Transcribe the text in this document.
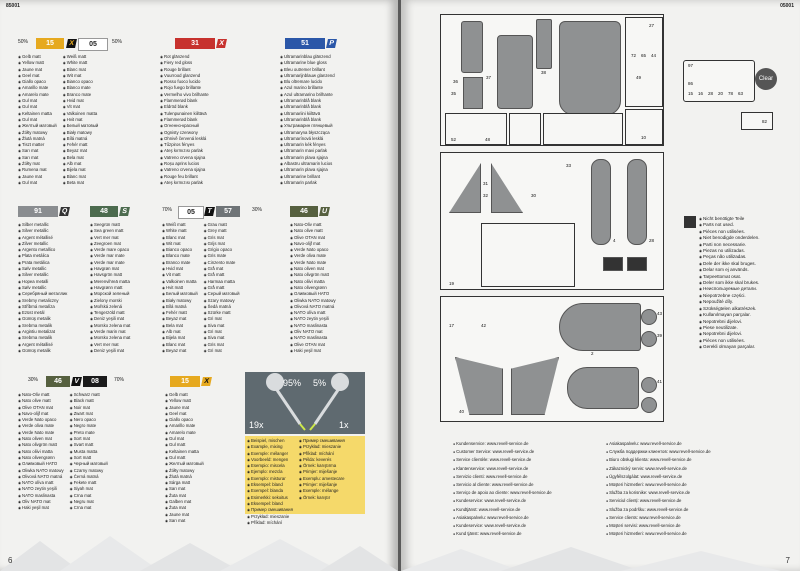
85001
50%	15	X	05	50%
◉ Gelb matt
◉ Yellow matt
◉ Jaune mat
◉ Geel mat
◉ Giallo opaco
◉ Amarillo mate
◉ Amarelo mate
◉ Gul mat
◉ Gul mat
◉ Keltainen mattа
◉ Gul mat
◉ Желтый матовый
◉ Żółty matowy
◉ Žlutá matná
◉ Tiszt matter
◉ Sarı mat
◉ Sarı mat
◉ Żółty mat
◉ Rumena mat
◉ Jaune mat
◉ Gul mat
◉ Weiß matt
◉ White matt
◉ Blanc mat
◉ Wit mat
◉ Bianco opaco
◉ Blanco mate
◉ Branco mate
◉ Hvid mat
◉ Vit mat
◉ Valkoinen matta
◉ Hvit mat
◉ Белый матовый
◉ Biały matowy
◉ Bílá matná
◉ Fehér matt
◉ Beyaz mat
◉ Bela mat
◉ Alb mat
◉ Bijela mat
◉ Blanc mat
◉ Beta mat
31	X
◉ Rot glänzend
◉ Fiery red gloss
◉ Rouge brillant
◉ Vuurrood glanzend
◉ Rosso fuoco lucido
◉ Rojo fuego brillante
◉ Vermelho vivo brilhante
◉ Flammerød blank
◉ Eldröd blank
◉ Tulenpunainen kiiltävä
◉ Flammerød blank
◉ Огненно-красный
◉ Ognisty czerwony
◉ Ohnivě červená lesklá
◉ Tűzpiros fényes
◉ Ateş kırmızısı parlak
◉ Vatreno crvena sjajna
◉ Roșu aprins lucios
◉ Vatreno crvena sjajna
◉ Rouge feu brillant
◉ Ateş kırmızısı parlak
51	P
◉ Ultramarinblau glänzend
◉ Ultramarine blue gloss
◉ Bleu outremer brillant
◉ Ultramarijnblauw glanzend
◉ Blu oltremare lucido
◉ Azul marino brillante
◉ Azul ultramarino brilhante
◉ Ultramarinblå blank
◉ Ultramarinblå blank
◉ Ultramariini kiiltävä
◉ Ultramarinblå blank
◉ Ультрамарин глянцевый
◉ Ultramaryna błyszcząca
◉ Ultramarínová lesklá
◉ Ultramarin kék fényes
◉ Ultramarin mavi parlak
◉ Ultramarin plava sjajna
◉ Albastru ultramarin lucios
◉ Ultramarin plava sjajna
◉ Ultramarine brillant
◉ Ultramarin parlak
91	Q
◉ Silber metallic
◉ Silver metallic
◉ Argent métallisé
◉ Zilver metallic
◉ Argento metallico
◉ Plata metálica
◉ Prata metálica
◉ Sølv metallic
◉ Silver metallic
◉ Hopea metalli
◉ Sølv metallic
◉ Серебряный металлик
◉ Srebrny metaliczny
◉ Stříbrná metalíza
◉ Ezüst metál
◉ Gümüş metalik
◉ Srebrna metalik
◉ Argintiu metalizat
◉ Srebrna metalik
◉ Argent métallisé
◉ Gümüş metalik
48	S
◉ Seegrün matt
◉ Sea green matt
◉ Vert mer mat
◉ Zeegroen mat
◉ Verde mare opaco
◉ Verde mar mate
◉ Verde mar mate
◉ Havgrøn mat
◉ Havsgrön matt
◉ Merenvihreä matta
◉ Havgrønn matt
◉ Морской зеленый
◉ Zielony morski
◉ Mořská zelená
◉ Tengerzöld matt
◉ Deniz yeşili mat
◉ Morsko zelena mat
◉ Verde marin mat
◉ Morsko zelena mat
◉ Vert mer mat
◉ Deniz yeşili mat
70%	05	T	57	30%
◉ Weiß matt
◉ White matt
◉ Blanc mat
◉ Wit mat
◉ Bianco opaco
◉ Blanco mate
◉ Branco mate
◉ Hvid mat
◉ Vit matt
◉ Valkoinen matta
◉ Hvit matt
◉ Белый матовый
◉ Biały matowy
◉ Bílá matná
◉ Fehér matt
◉ Beyaz mat
◉ Bela mat
◉ Alb mat
◉ Bijela mat
◉ Blanc mat
◉ Beyaz mat
◉ Grau matt
◉ Grey matt
◉ Gris mat
◉ Grijs mat
◉ Grigio opaco
◉ Gris mate
◉ Cinzento mate
◉ Grå mat
◉ Grå matt
◉ Harmaa matta
◉ Grå matt
◉ Серый матовый
◉ Szary matowy
◉ Šedá matná
◉ Szürke matt
◉ Gri mat
◉ Siva mat
◉ Gri mat
◉ Siva mat
◉ Gris mat
◉ Gri mat
46	U
◉ Nato-Oliv matt
◉ Nato olive matt
◉ Olive OTAN mat
◉ Navo-olijf mat
◉ Verde Nato opaco
◉ Verde oliva mate
◉ Verde Nato mate
◉ Nato oliven mat
◉ Nato olivgrön matt
◉ Nato oliivi matta
◉ Nato olivengrønn
◉ Оливковый НАТО
◉ Oliwka NATO matowy
◉ Olivová NATO matná
◉ NATO olíva matt
◉ NATO zeytin yeşili
◉ NATO maslinasta
◉ Oliv NATO mat
◉ NATO maslinasta
◉ Olive OTAN mat
◉ Haki yeşil mat
30%	46	V	08	70%
◉ Nato-Oliv matt
◉ Nato olive matt
◉ Olive OTAN mat
◉ Navo-olijf mat
◉ Verde Nato opaco
◉ Verde oliva mate
◉ Verde Nato mate
◉ Nato oliven mat
◉ Nato olivgrön matt
◉ Nato oliivi matta
◉ Nato olivengrønn
◉ Оливковый НАТО
◉ Oliwka NATO matowy
◉ Olivová NATO matná
◉ NATO olíva matt
◉ NATO zeytin yeşili
◉ NATO maslinasta
◉ Oliv NATO mat
◉ Haki yeşil mat
◉ Schwarz matt
◉ Black matt
◉ Noir mat
◉ Zwart mat
◉ Nero opaco
◉ Negro mate
◉ Preto mate
◉ Sort mat
◉ Svart matt
◉ Musta matta
◉ Sort matt
◉ Черный матовый
◉ Czarny matowy
◉ Černá matná
◉ Fekete matt
◉ Siyah mat
◉ Crna mat
◉ Negru mat
◉ Crna mat
15	X
◉ Gelb matt
◉ Yellow matt
◉ Jaune mat
◉ Geel mat
◉ Giallo opaco
◉ Amarillo mate
◉ Amarelo mate
◉ Gul mat
◉ Gul matt
◉ Keltainen matta
◉ Gul matt
◉ Желтый матовый
◉ Żółty matowy
◉ Žlutá matná
◉ Sárga matt
◉ Sarı mat
◉ Žuta mat
◉ Galben mat
◉ Žuta mat
◉ Jaune mat
◉ Sarı mat
95% 5%
19x	1x
◉ Beispiel, mischen
◉ Example, mixing
◉ Exemple: mélanger
◉ Voorbeeld: mengen
◉ Esempio: miscela
◉ Ejemplo: mezcla
◉ Exemplo: misturar
◉ Eksempel: bland
◉ Exempel: blanda
◉ Esimerkki: sekoitus
◉ Eksempel: bland
◉ Пример смешивания
◉ Przykład: mieszanie
◉ Příklad: míchání
◉ Пример смешивания
◉ Przykład: mieszanie
◉ Příklad: míchání
◉ Példa: keverés
◉ Örnek: karıştırma
◉ Primjer: miješanje
◉ Exemplu: amestecare
◉ Primjer: miješanje
◉ Exemple: mélange
◉ Örnek: karıştır
6
05001
36
35
37
38
72 65 44
27
49
52	48	10
97
86
15 16 28 20 78 63
Clear
82
31
32	30
33
4	28
19
17	42
43
39
2
40
41
◉ Nicht benötigte Teile
◉ Parts not used.
◉ Pièces non utilisées.
◉ Niet benodigde onderdelen.
◉ Parti non necessarie.
◉ Piezas no utilizadas.
◉ Peças não utilizadas.
◉ Dele der ikke skal bruges.
◉ Delar som ej används.
◉ Tarpeettomat osat.
◉ Deler som ikke skal brukes.
◉ Неиспользуемые детали.
◉ Niepotrzebne części.
◉ Nepoužité díly.
◉ Szükségtelen alkatrészek.
◉ Kullanılmayan parçalar.
◉ Nepotrebni dijelovi.
◉ Piese neutilizate.
◉ Nepotrebni dijelovi.
◉ Pièces non utilisées.
◉ Gerekli olmayan parçalar.
● Kundenservice: www.revell-service.de
● Customer Service: www.revell-service.de
● Service clientèle: www.revell-service.de
● Klantenservice: www.revell-service.de
● Servizio clienti: www.revell-service.de
● Servicio al cliente: www.revell-service.de
● Serviço de apoio ao cliente: www.revell-service.de
● Kundeservice: www.revell-service.de
● Kundtjänst: www.revell-service.de
● Asiakaspalvelu: www.revell-service.de
● Kundeservice: www.revell-service.de
● Kund tjänst: www.revell-service.de
● Asiakaspalvelu: www.revell-service.de
● Служба поддержки клиентов: www.revell-service.de
● Biuro obsługi klienta: www.revell-service.de
● Zákaznický servis: www.revell-service.de
● Ügyfélszolgálat: www.revell-service.de
● Müşteri hizmetleri: www.revell-service.de
● Služba za korisnike: www.revell-service.de
● Serviciul clienți: www.revell-service.de
● Služba za podršku: www.revell-service.de
● Service clients: www.revell-service.de
● Müşteri servisi: www.revell-service.de
● Müşteri hizmetleri: www.revell-service.de
7
